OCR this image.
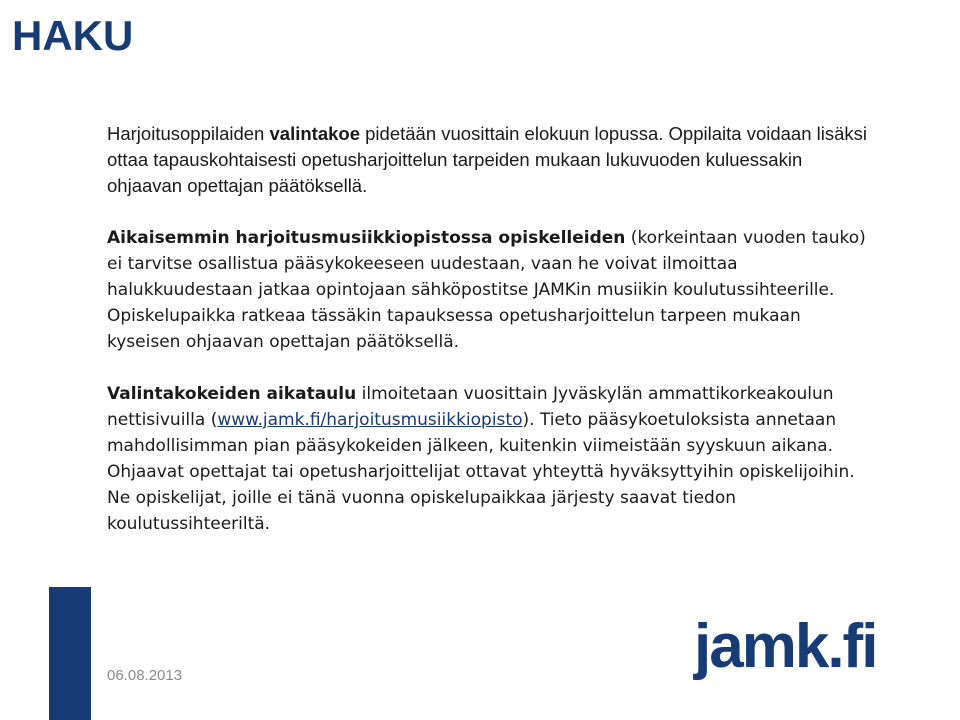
HAKU

Harjoitusoppilaiden valintakoe pidetään vuosittain elokuun lopussa. Oppilaita voidaan lisäksi ottaa tapauskohtaisesti opetusharjoittelun tarpeiden mukaan lukuvuoden kuluessakin ohjaavan opettajan päätöksellä.

Aikaisemmin harjoitusmusiikkiopistossa opiskelleiden (korkeintaan vuoden tauko) ei tarvitse osallistua pääsykokeeseen uudestaan, vaan he voivat ilmoittaa halukkuudestaan jatkaa opintojaan sähköpostitse JAMKin musiikin koulutussihteerille. Opiskelupaikka ratkeaa tässäkin tapauksessa opetusharjoittelun tarpeen mukaan kyseisen ohjaavan opettajan päätöksellä.

Valintakokeiden aikataulu ilmoitetaan vuosittain Jyväskylän ammattikorkeakoulun nettisivuilla (www.jamk.fi/harjoitusmusiikkiopisto). Tieto pääsykoetuloksista annetaan mahdollisimman pian pääsykokeiden jälkeen, kuitenkin viimeistään syyskuun aikana. Ohjaavat opettajat tai opetusharjoittelijat ottavat yhteyttä hyväksyttyihin opiskelijoihin. Ne opiskelijat, joille ei tänä vuonna opiskelupaikkaa järjesty saavat tiedon koulutussihteeriltä.

06.08.2013	jamk.fi
